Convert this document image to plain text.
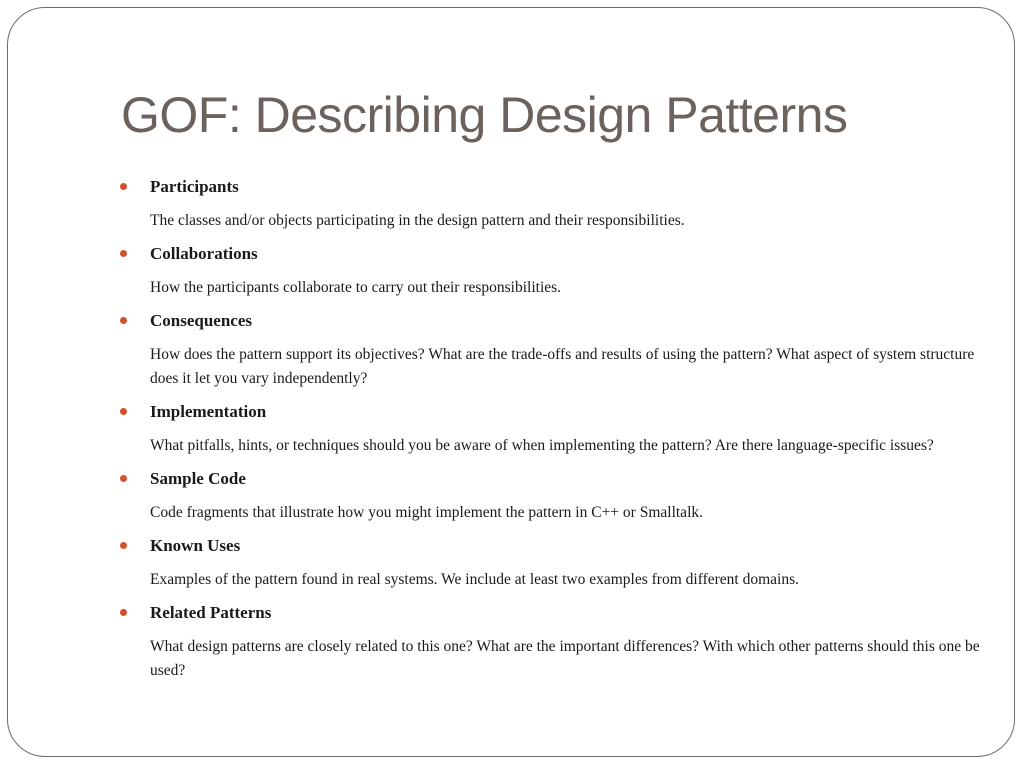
GOF: Describing Design Patterns
Participants
The classes and/or objects participating in the design pattern and their responsibilities.
Collaborations
How the participants collaborate to carry out their responsibilities.
Consequences
How does the pattern support its objectives? What are the trade-offs and results of using the pattern? What aspect of system structure does it let you vary independently?
Implementation
What pitfalls, hints, or techniques should you be aware of when implementing the pattern? Are there language-specific issues?
Sample Code
Code fragments that illustrate how you might implement the pattern in C++ or Smalltalk.
Known Uses
Examples of the pattern found in real systems. We include at least two examples from different domains.
Related Patterns
What design patterns are closely related to this one? What are the important differences? With which other patterns should this one be used?
